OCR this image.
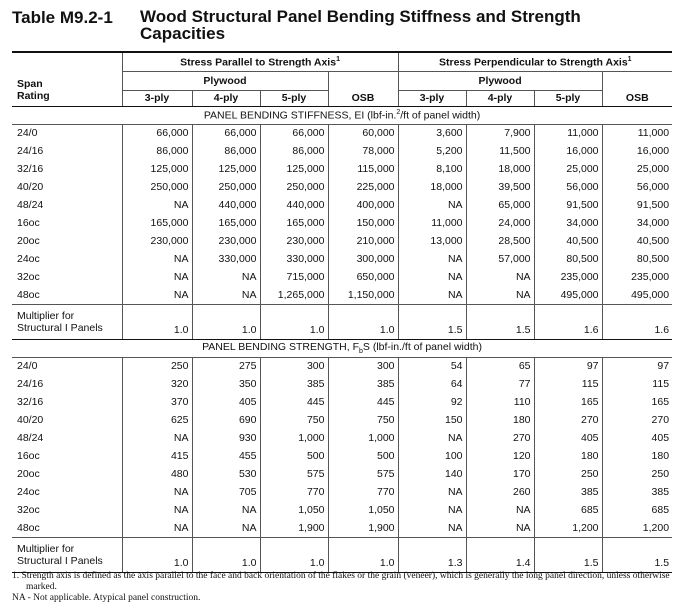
Table M9.2-1 Wood Structural Panel Bending Stiffness and Strength Capacities
	Stress Parallel to Strength Axis$^1$				Stress Perpendicular to Strength Axis$^1$
Span	Plywood				Plywood			
Rating	3-ply	4-ply	5-ply	OSB	3-ply	4-ply	5-ply	OSB
PANEL BENDING STIFFNESS, EI (lbf-in.$^2$/ft of panel width)								
24/0	66,000	66,000	66,000	60,000	3,600	7,900	11,000	11,000
24/16	86,000	86,000	86,000	78,000	5,200	11,500	16,000	16,000
32/16	125,000	125,000	125,000	115,000	8,100	18,000	25,000	25,000
40/20	250,000	250,000	250,000	225,000	18,000	39,500	56,000	56,000
48/24	NA	440,000	440,000	400,000	NA	65,000	91,500	91,500
16oc	165,000	165,000	165,000	150,000	11,000	24,000	34,000	34,000
20oc	230,000	230,000	230,000	210,000	13,000	28,500	40,500	40,500
24oc	NA	330,000	330,000	300,000	NA	57,000	80,500	80,500
32oc	NA	NA	715,000	650,000	NA	NA	235,000	235,000
48oc	NA	NA	1,265,000	1,150,000	NA	NA	495,000	495,000

Multiplier for
Structural I Panels	1.0	1.0	1.0	1.0	1.5	1.5	1.6	1.6
PANEL BENDING STRENGTH, $F_bS$ (lbf-in./ft of panel width)								
24/0	250	275	300	300	54	65	97	97
24/16	320	350	385	385	64	77	115	115
32/16	370	405	445	445	92	110	165	165
40/20	625	690	750	750	150	180	270	270
48/24	NA	930	1,000	1,000	NA	270	405	405
16oc	415	455	500	500	100	120	180	180
20oc	480	530	575	575	140	170	250	250
24oc	NA	705	770	770	NA	260	385	385
32oc	NA	NA	1,050	1,050	NA	NA	685	685
48oc	NA	NA	1,900	1,900	NA	NA	1,200	1,200

Multiplier for
Structural I Panels	1.0	1.0	1.0	1.0	1.3	1.4	1.5	1.5
1. Strength axis is defined as the axis parallel to the face and back orientation of the flakes or the grain (veneer), which is generally the long panel direction, unless otherwise marked.
NA - Not applicable. Atypical panel construction.
